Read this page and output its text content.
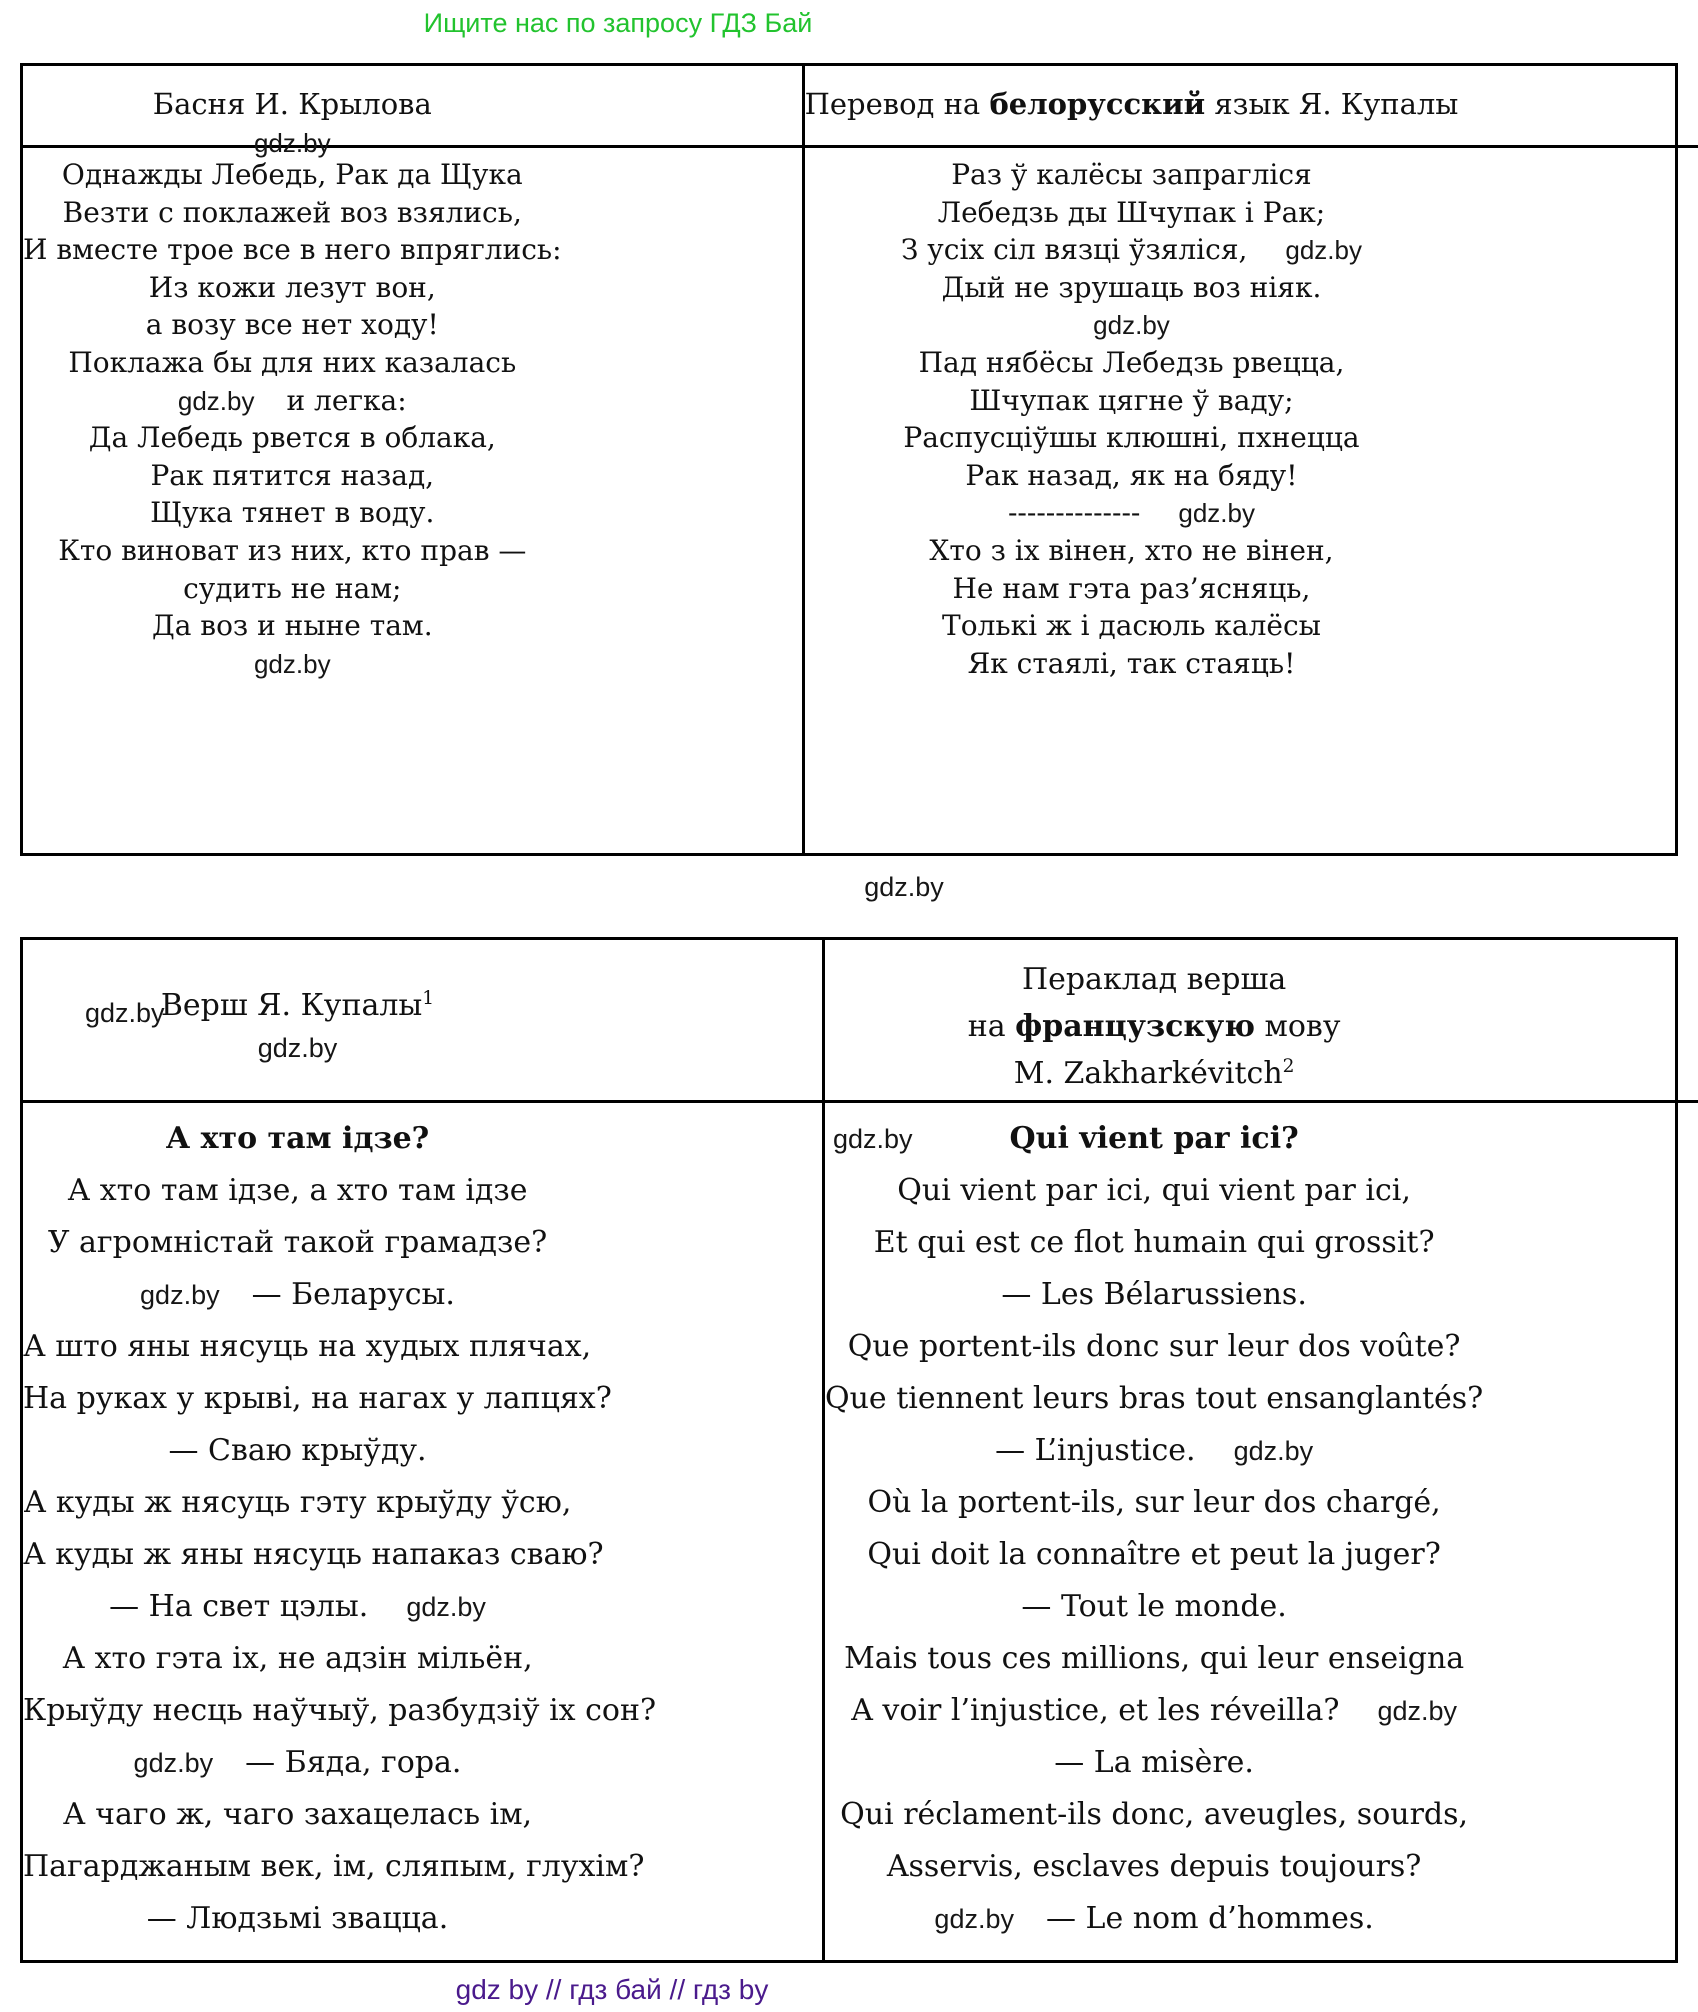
Ищите нас по запросу ГДЗ Бай
Басня И. Крылова
gdz.by
Однажды Лебедь, Рак да Щука
Везти с поклажей воз взялись,
И вместе трое все в него впряглись:
Из кожи лезут вон,
а возу все нет ходу!
Поклажа бы для них казалась
gdz.by и легка:
Да Лебедь рвется в облака,
Рак пятится назад,
Щука тянет в воду.
Кто виноват из них, кто прав —
судить не нам;
Да воз и ныне там.
gdz.by
Перевод на белорусский язык Я. Купалы
Раз ў калёсы запрагліся
Лебедзь ды Шчупак і Рак;
З усіх сіл вязці ўзяліся, gdz.by
Дый не зрушаць воз ніяк.
gdz.by
Пад нябёсы Лебедзь рвецца,
Шчупак цягне ў ваду;
Распусціўшы клюшні, пхнецца
Рак назад, як на бяду!
-------------- gdz.by
Хто з іх вінен, хто не вінен,
Не нам гэта раз’ясняць,
Толькі ж і дасюль калёсы
Як стаялі, так стаяць!
gdz.by
gdz.by
Верш Я. Купалы$^1$
gdz.by
А хто там ідзе?
А хто там ідзе, а хто там ідзе
У агромністай такой грамадзе?
gdz.by — Беларусы.
А што яны нясуць на худых плячах,
На руках у крыві, на нагах у лапцях?
— Сваю крыўду.
А куды ж нясуць гэту крыўду ўсю,
А куды ж яны нясуць напаказ сваю?
— На свет цэлы. gdz.by
А хто гэта іх, не адзін мільён,
Крыўду несць наўчыў, разбудзіў іх сон?
gdz.by — Бяда, гора.
А чаго ж, чаго захацелась ім,
Пагарджаным век, ім, сляпым, глухім?
— Людзьмі звацца.
Пераклад верша
на французскую мову
M. Zakharkévitch$^2$
gdz.by	Qui vient par ici?
Qui vient par ici, qui vient par ici,
Et qui est ce flot humain qui grossit?
— Les Bélarussiens.
Que portent-ils donc sur leur dos voûte?
Que tiennent leurs bras tout ensanglantés?
— L’injustice. gdz.by
Où la portent-ils, sur leur dos chargé,
Qui doit la connaître et peut la juger?
— Tout le monde.
Mais tous ces millions, qui leur enseigna
A voir l’injustice, et les réveilla? gdz.by
— La misère.
Qui réclament-ils donc, aveugles, sourds,
Asservis, esclaves depuis toujours?
gdz.by — Le nom d’hommes.
gdz by // гдз бай // гдз by
